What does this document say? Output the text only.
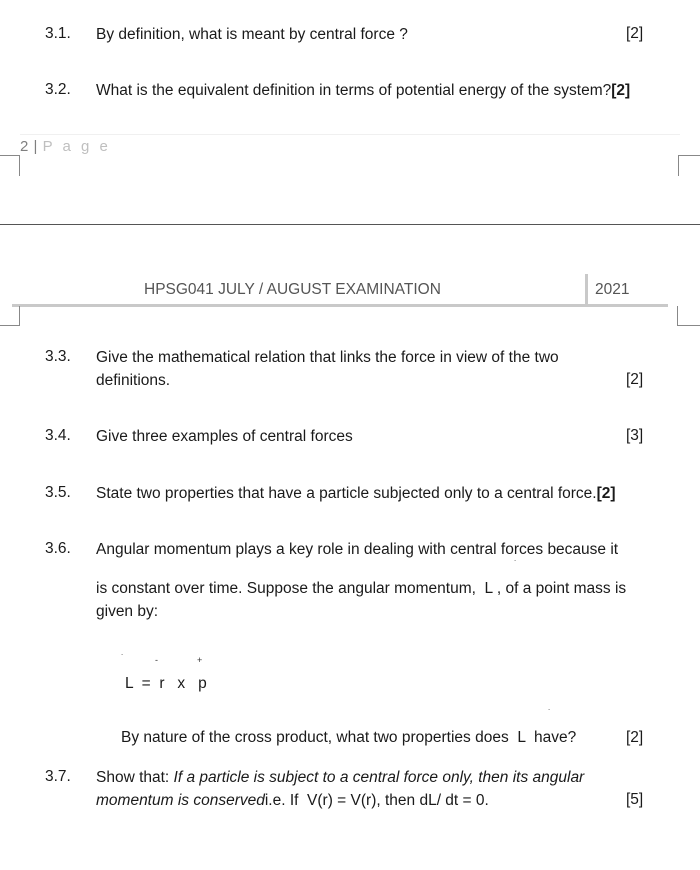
2 | P a g e
HPSG041 JULY / AUGUST EXAMINATION	2021
3.1. By definition, what is meant by central force ?	[2]
3.2. What is the equivalent definition in terms of potential energy of the system?[2]
3.3. Give the mathematical relation that links the force in view of the two
definitions.	[2]
3.4. Give three examples of central forces	[3]
3.5. State two properties that have a particle subjected only to a central force.[2]
3.6. Angular momentum plays a key role in dealing with central forces because it
˙
is constant over time. Suppose the angular momentum,  L , of a point mass is
given by:
˙	-	+
L  =  r   x   p
˙
By nature of the cross product, what two properties does  L  have?	[2]
3.7. Show that: If a particle is subject to a central force only, then its angular
momentum is conservedi.e. If  V(r) = V(r), then dL/ dt = 0.	[5]
